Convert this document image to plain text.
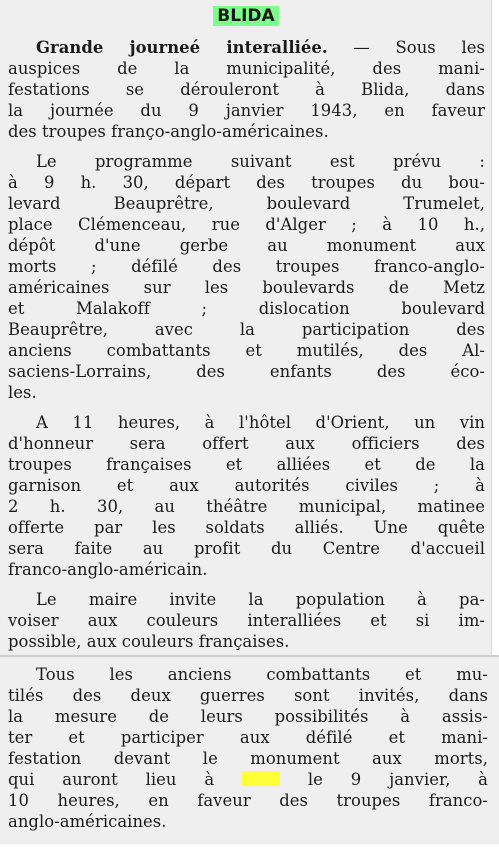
BLIDA
Grande journeé interalliée. — Sous les
auspices de la municipalité, des mani-
festations se dérouleront à Blida, dans
la journée du 9 janvier 1943, en faveur
des troupes franço-anglo-américaines.
Le programme suivant est prévu :
à 9 h. 30, départ des troupes du bou-
levard Beauprêtre, boulevard Trumelet,
place Clémenceau, rue d'Alger ; à 10 h.,
dépôt d'une gerbe au monument aux
morts ; défilé des troupes franco-anglo-
américaines sur les boulevards de Metz
et Malakoff ; dislocation boulevard
Beauprêtre, avec la participation des
anciens combattants et mutilés, des Al-
saciens-Lorrains, des enfants des éco-
les.
A 11 heures, à l'hôtel d'Orient, un vin
d'honneur sera offert aux officiers des
troupes françaises et alliées et de la
garnison et aux autorités civiles ; à
2 h. 30, au théâtre municipal, matinee
offerte par les soldats alliés. Une quête
sera faite au profit du Centre d'accueil
franco-anglo-américain.
Le maire invite la population à pa-
voiser aux couleurs interalliées et si im-
possible, aux couleurs françaises.
Tous les anciens combattants et mu-
tilés des deux guerres sont invités, dans
la mesure de leurs possibilités à assis-
ter et participer aux défilé et mani-
festation devant le monument aux morts,
qui auront lieu à	le 9 janvier, à
10 heures, en faveur des troupes franco-
anglo-américaines.
